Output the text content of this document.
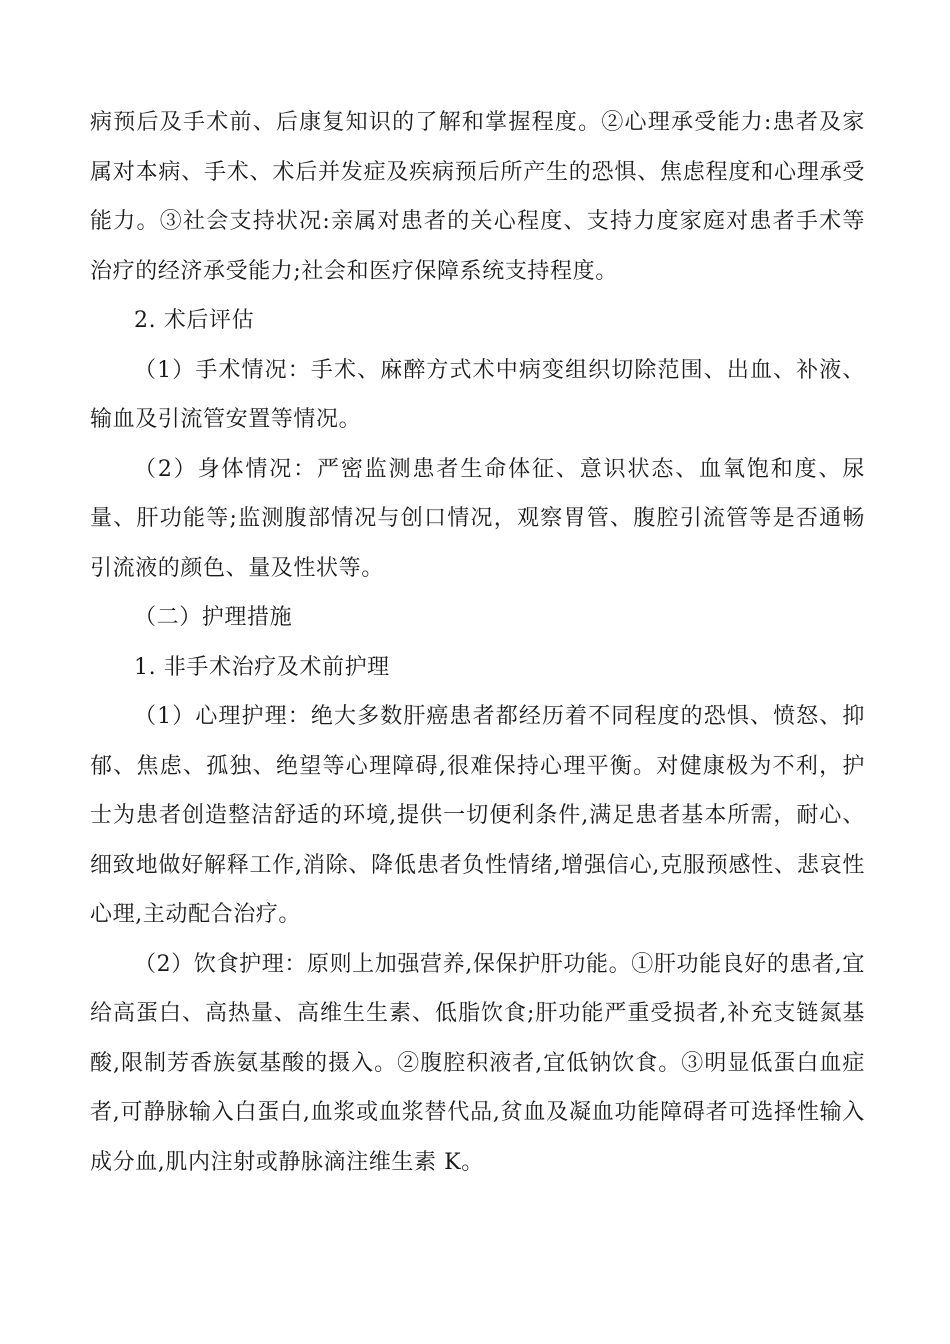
病预后及手术前、后康复知识的了解和掌握程度。②心理承受能力:患者及家属对本病、手术、术后并发症及疾病预后所产生的恐惧、焦虑程度和心理承受能力。③社会支持状况:亲属对患者的关心程度、支持力度家庭对患者手术等治疗的经济承受能力;社会和医疗保障系统支持程度。

2. 术后评估

（1）手术情况：手术、麻醉方式术中病变组织切除范围、出血、补液、输血及引流管安置等情况。

（2）身体情况：严密监测患者生命体征、意识状态、血氧饱和度、尿量、肝功能等;监测腹部情况与创口情况，观察胃管、腹腔引流管等是否通畅引流液的颜色、量及性状等。

（二）护理措施

1. 非手术治疗及术前护理

（1）心理护理：绝大多数肝癌患者都经历着不同程度的恐惧、愤怒、抑郁、焦虑、孤独、绝望等心理障碍,很难保持心理平衡。对健康极为不利，护士为患者创造整洁舒适的环境,提供一切便利条件,满足患者基本所需，耐心、细致地做好解释工作,消除、降低患者负性情绪,增强信心,克服预感性、悲哀性心理,主动配合治疗。

（2）饮食护理：原则上加强营养,保保护肝功能。①肝功能良好的患者,宜给高蛋白、高热量、高维生生素、低脂饮食;肝功能严重受损者,补充支链氮基酸,限制芳香族氨基酸的摄入。②腹腔积液者,宜低钠饮食。③明显低蛋白血症者,可静脉输入白蛋白,血浆或血浆替代品,贫血及凝血功能障碍者可选择性输入成分血,肌内注射或静脉滴注维生素 K。
